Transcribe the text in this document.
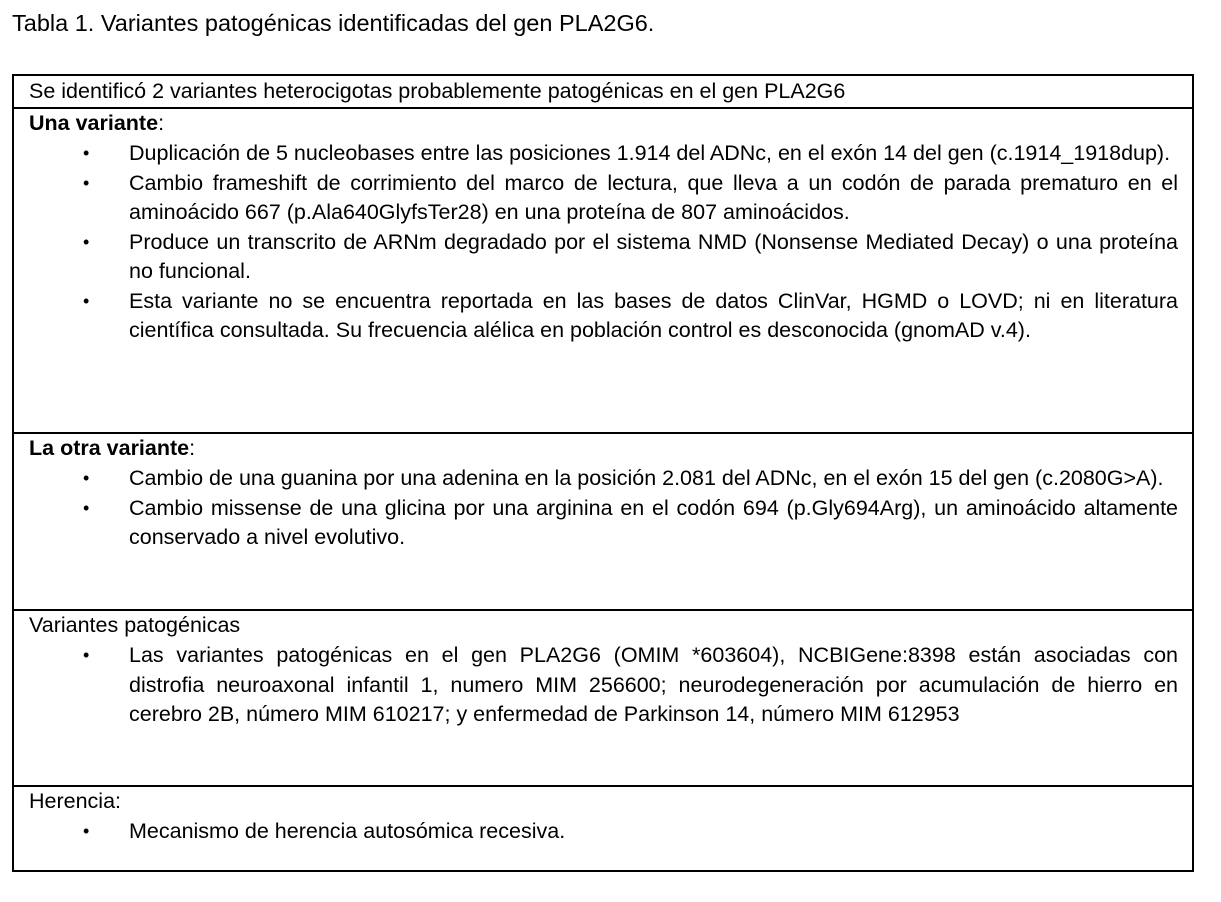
Tabla 1. Variantes patogénicas identificadas del gen PLA2G6.
Se identificó 2 variantes heterocigotas probablemente patogénicas en el gen PLA2G6
Una variante:
• Duplicación de 5 nucleobases entre las posiciones 1.914 del ADNc, en el exón 14 del gen (c.1914_1918dup).
• Cambio frameshift de corrimiento del marco de lectura, que lleva a un codón de parada prematuro en el aminoácido 667 (p.Ala640GlyfsTer28) en una proteína de 807 aminoácidos.
• Produce un transcrito de ARNm degradado por el sistema NMD (Nonsense Mediated Decay) o una proteína no funcional.
• Esta variante no se encuentra reportada en las bases de datos ClinVar, HGMD o LOVD; ni en literatura científica consultada. Su frecuencia alélica en población control es desconocida (gnomAD v.4).
La otra variante:
• Cambio de una guanina por una adenina en la posición 2.081 del ADNc, en el exón 15 del gen (c.2080G>A).
• Cambio missense de una glicina por una arginina en el codón 694 (p.Gly694Arg), un aminoácido altamente conservado a nivel evolutivo.
Variantes patogénicas
• Las variantes patogénicas en el gen PLA2G6 (OMIM *603604), NCBIGene:8398 están asociadas con distrofia neuroaxonal infantil 1, numero MIM 256600; neurodegeneración por acumulación de hierro en cerebro 2B, número MIM 610217; y enfermedad de Parkinson 14, número MIM 612953
Herencia:
• Mecanismo de herencia autosómica recesiva.
